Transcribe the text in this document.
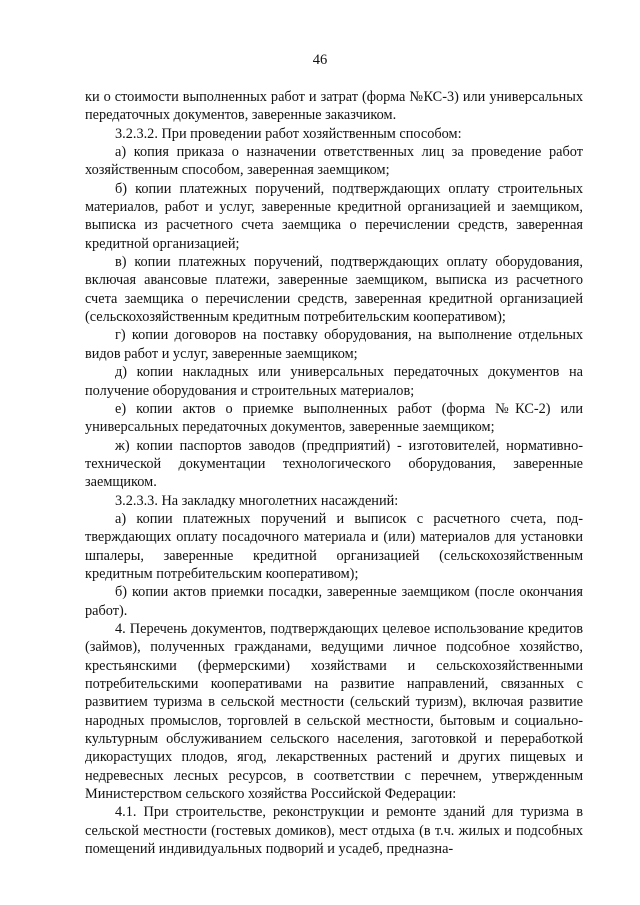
46

ки о стоимости выполненных работ и затрат (форма №КС-3) или универсальных передаточных документов, заверенные заказчиком.

3.2.3.2. При проведении работ хозяйственным способом:

а) копия приказа о назначении ответственных лиц за проведение работ хозяйственным способом, заверенная заемщиком;

б) копии платежных поручений, подтверждающих оплату строительных материалов, работ и услуг, заверенные кредитной организацией и заемщиком, выписка из расчетного счета заемщика о перечислении средств, заверенная кредитной организацией;

в) копии платежных поручений, подтверждающих оплату оборудования, включая авансовые платежи, заверенные заемщиком, выписка из расчетного счета заемщика о перечислении средств, заверенная кредитной организацией (сельскохозяйственным кредитным потребительским кооперативом);

г) копии договоров на поставку оборудования, на выполнение отдельных видов работ и услуг, заверенные заемщиком;

д) копии накладных или универсальных передаточных документов на получение оборудования и строительных материалов;

е) копии актов о приемке выполненных работ (форма №КС-2) или универсальных передаточных документов, заверенные заемщиком;

ж) копии паспортов заводов (предприятий) - изготовителей, нормативно-технической документации технологического оборудования, заверенные заемщиком.

3.2.3.3. На закладку многолетних насаждений:

а) копии платежных поручений и выписок с расчетного счета, подтверждающих оплату посадочного материала и (или) материалов для установки шпалеры, заверенные кредитной организацией (сельскохозяйственным кредитным потребительским кооперативом);

б) копии актов приемки посадки, заверенные заемщиком (после окончания работ).

4. Перечень документов, подтверждающих целевое использование кредитов (займов), полученных гражданами, ведущими личное подсобное хозяйство, крестьянскими (фермерскими) хозяйствами и сельскохозяйственными потребительскими кооперативами на развитие направлений, связанных с развитием туризма в сельской местности (сельский туризм), включая развитие народных промыслов, торговлей в сельской местности, бытовым и социально-культурным обслуживанием сельского населения, заготовкой и переработкой дикорастущих плодов, ягод, лекарственных растений и других пищевых и недревесных лесных ресурсов, в соответствии с перечнем, утвержденным Министерством сельского хозяйства Российской Федерации:

4.1. При строительстве, реконструкции и ремонте зданий для туризма в сельской местности (гостевых домиков), мест отдыха (в т.ч. жилых и подсобных помещений индивидуальных подворий и усадеб, предназна-
